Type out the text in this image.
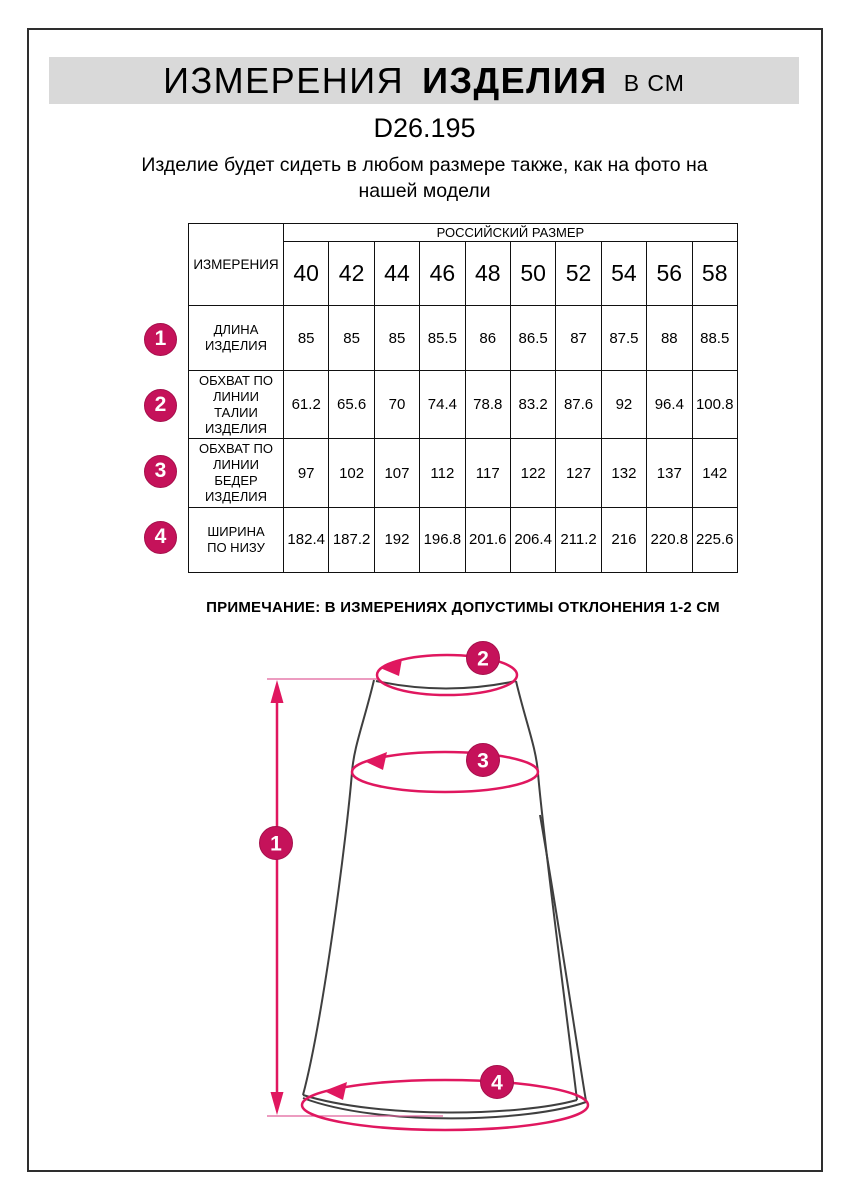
ИЗМЕРЕНИЯ ИЗДЕЛИЯ В СМ
D26.195
Изделие будет сидеть в любом размере также, как на фото на нашей модели
ИЗМЕРЕНИЯ	РОССИЙСКИЙ РАЗМЕР									
	40	42	44	46	48	50	52	54	56	58
ДЛИНА ИЗДЕЛИЯ	85	85	85	85.5	86	86.5	87	87.5	88	88.5
ОБХВАТ ПО ЛИНИИ ТАЛИИ ИЗДЕЛИЯ	61.2	65.6	70	74.4	78.8	83.2	87.6	92	96.4	100.8
ОБХВАТ ПО ЛИНИИ БЕДЕР ИЗДЕЛИЯ	97	102	107	112	117	122	127	132	137	142
ШИРИНА ПО НИЗУ	182.4	187.2	192	196.8	201.6	206.4	211.2	216	220.8	225.6
1
2
3
4
ПРИМЕЧАНИЕ: В ИЗМЕРЕНИЯХ ДОПУСТИМЫ ОТКЛОНЕНИЯ 1-2 СМ
1
2
3
4
